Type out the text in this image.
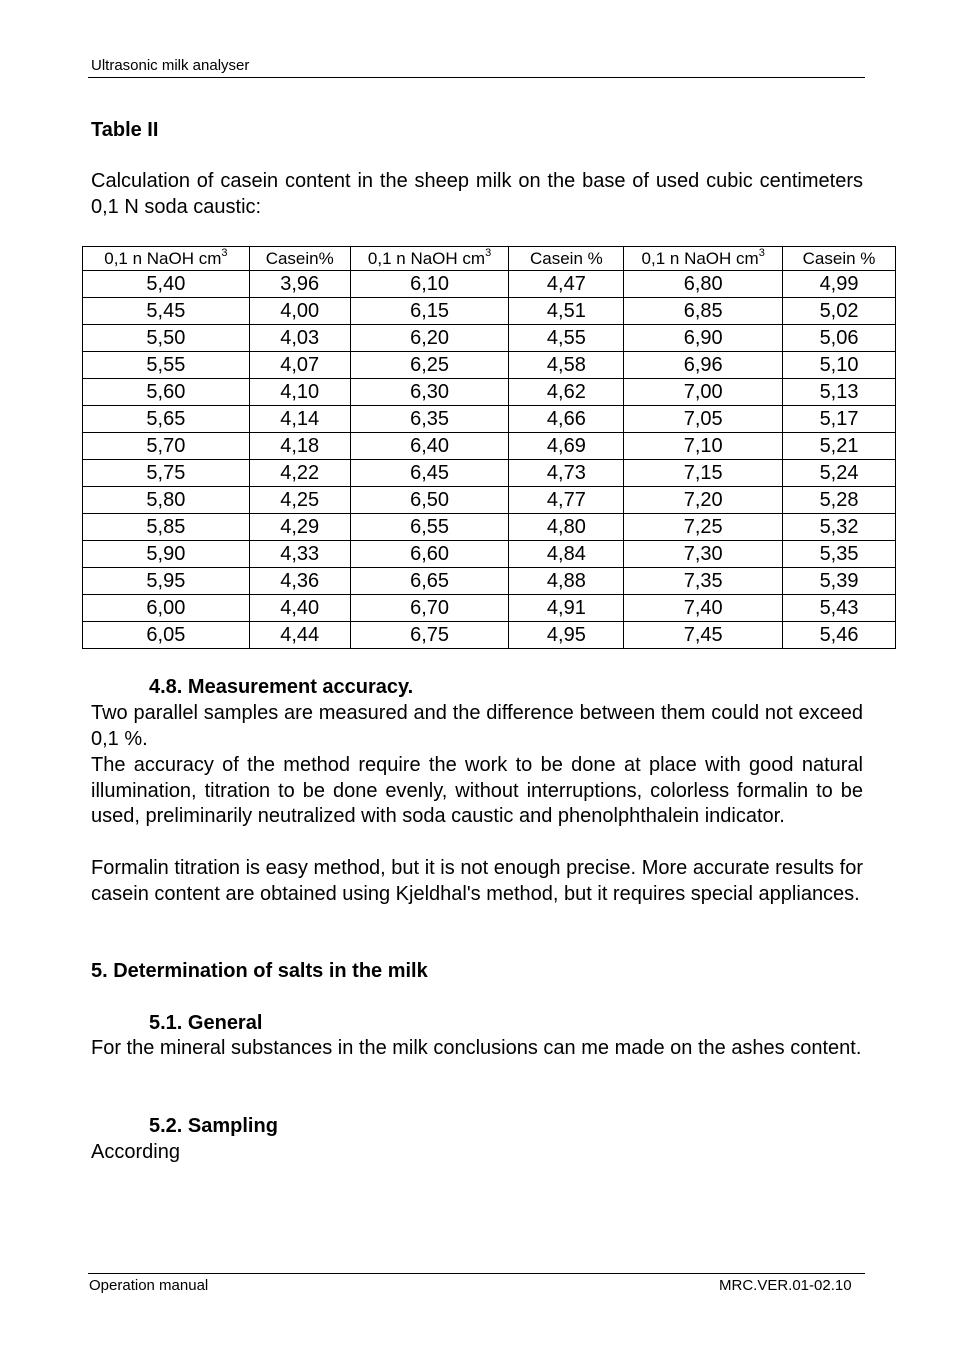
Ultrasonic milk analyser
Table II
Calculation of casein content in the sheep milk on the base of used cubic centimeters 0,1 N soda caustic:
0,1 n NaOH $cm^3$	Casein%	0,1 n NaOH $cm^3$	Casein %	0,1 n NaOH $cm^3$	Casein %
5,40	3,96	6,10	4,47	6,80	4,99
5,45	4,00	6,15	4,51	6,85	5,02
5,50	4,03	6,20	4,55	6,90	5,06
5,55	4,07	6,25	4,58	6,96	5,10
5,60	4,10	6,30	4,62	7,00	5,13
5,65	4,14	6,35	4,66	7,05	5,17
5,70	4,18	6,40	4,69	7,10	5,21
5,75	4,22	6,45	4,73	7,15	5,24
5,80	4,25	6,50	4,77	7,20	5,28
5,85	4,29	6,55	4,80	7,25	5,32
5,90	4,33	6,60	4,84	7,30	5,35
5,95	4,36	6,65	4,88	7,35	5,39
6,00	4,40	6,70	4,91	7,40	5,43
6,05	4,44	6,75	4,95	7,45	5,46
4.8. Measurement accuracy.
Two parallel samples are measured and the difference between them could not exceed 0,1 %.
The accuracy of the method require the work to be done at place with good natural illumination, titration to be done evenly, without interruptions, colorless formalin to be used, preliminarily neutralized with soda caustic and phenolphthalein indicator.
Formalin titration is easy method, but it is not enough precise. More accurate results for casein content are obtained using Kjeldhal's method, but it requires special appliances.
5. Determination of salts in the milk
5.1. General
For the mineral substances in the milk conclusions can me made on the ashes content.
5.2. Sampling
According
Operation manual	MRC.VER.01-02.10
